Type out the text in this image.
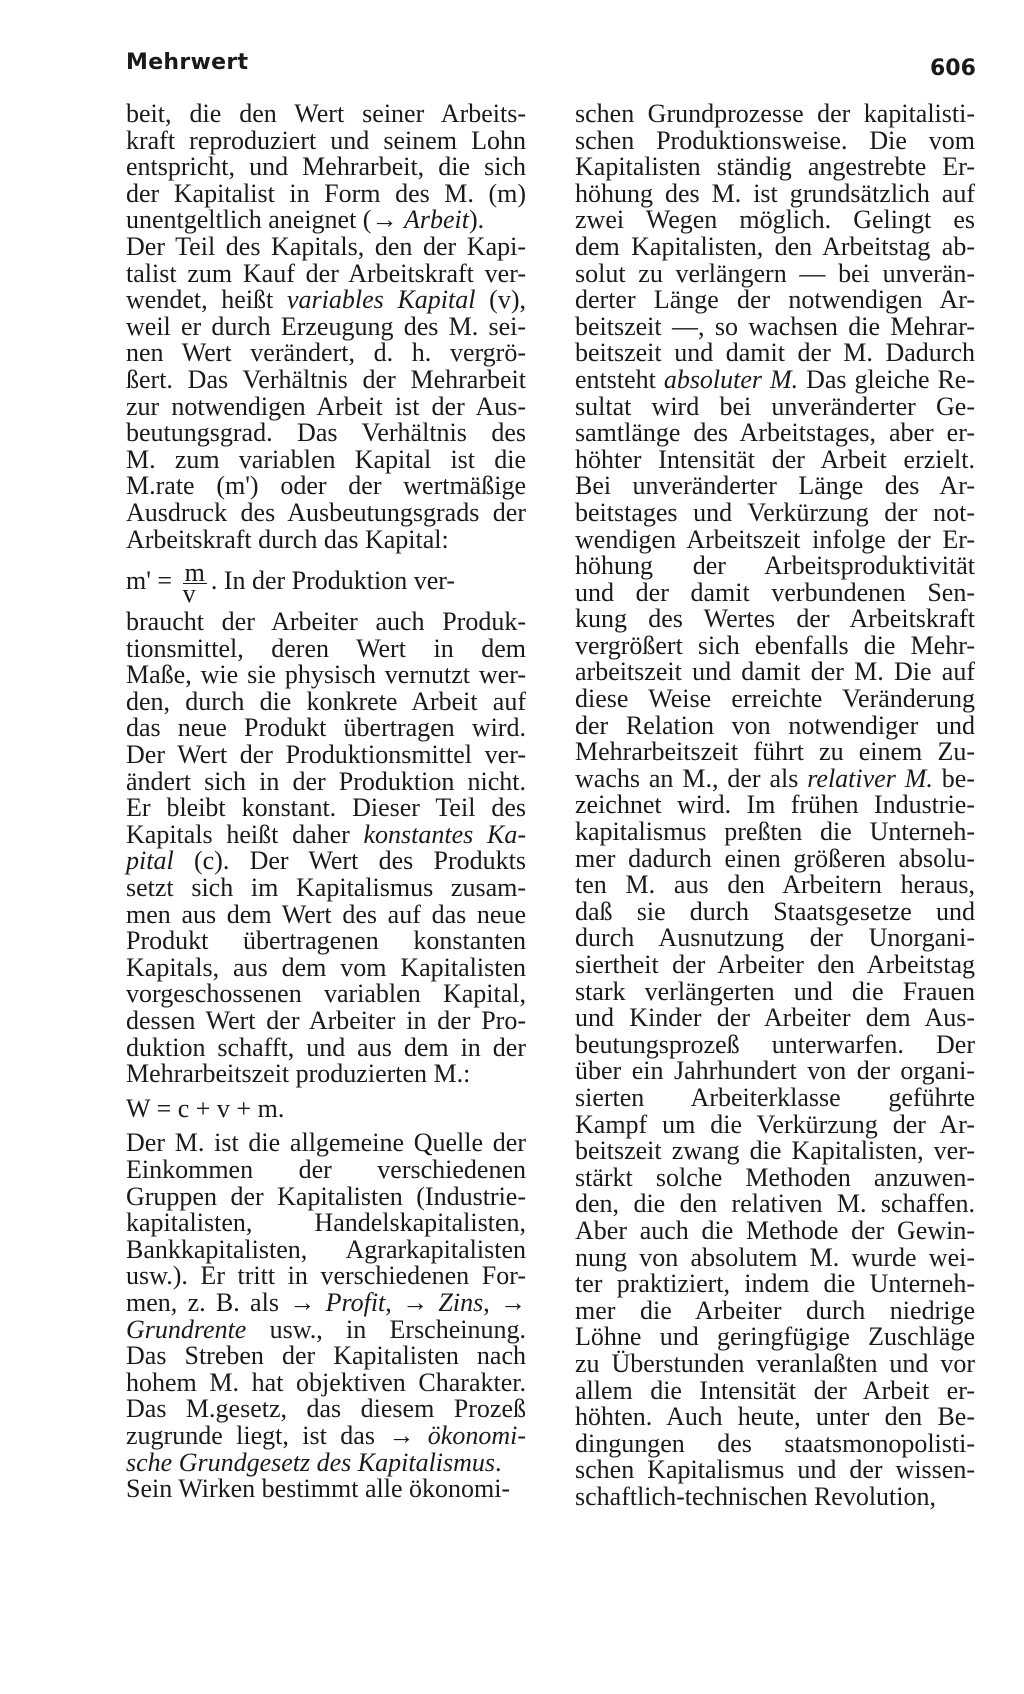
Mehrwert	606
beit, die den Wert seiner Arbeits-
kraft reproduziert und seinem Lohn
entspricht, und Mehrarbeit, die sich
der Kapitalist in Form des M. (m)
unentgeltlich aneignet (→ Arbeit).
Der Teil des Kapitals, den der Kapi-
talist zum Kauf der Arbeitskraft ver-
wendet, heißt variables Kapital (v),
weil er durch Erzeugung des M. sei-
nen Wert verändert, d. h. vergrö-
ßert. Das Verhältnis der Mehrarbeit
zur notwendigen Arbeit ist der Aus-
beutungsgrad. Das Verhältnis des
M. zum variablen Kapital ist die
M.rate (m') oder der wertmäßige
Ausdruck des Ausbeutungsgrads der
Arbeitskraft durch das Kapital:
$m' = \frac{m}{v}$ . In der Produktion ver-
braucht der Arbeiter auch Produk-
tionsmittel, deren Wert in dem
Maße, wie sie physisch vernutzt wer-
den, durch die konkrete Arbeit auf
das neue Produkt übertragen wird.
Der Wert der Produktionsmittel ver-
ändert sich in der Produktion nicht.
Er bleibt konstant. Dieser Teil des
Kapitals heißt daher konstantes Ka-
pital (c). Der Wert des Produkts
setzt sich im Kapitalismus zusam-
men aus dem Wert des auf das neue
Produkt übertragenen konstanten
Kapitals, aus dem vom Kapitalisten
vorgeschossenen variablen Kapital,
dessen Wert der Arbeiter in der Pro-
duktion schafft, und aus dem in der
Mehrarbeitszeit produzierten M.:
W = c + v + m.
Der M. ist die allgemeine Quelle der
Einkommen der verschiedenen
Gruppen der Kapitalisten (Industrie-
kapitalisten, Handelskapitalisten,
Bankkapitalisten, Agrarkapitalisten
usw.). Er tritt in verschiedenen For-
men, z. B. als → Profit, → Zins, →
Grundrente usw., in Erscheinung.
Das Streben der Kapitalisten nach
hohem M. hat objektiven Charakter.
Das M.gesetz, das diesem Prozeß
zugrunde liegt, ist das → ökonomi-
sche Grundgesetz des Kapitalismus.
Sein Wirken bestimmt alle ökonomi-
schen Grundprozesse der kapitalisti-
schen Produktionsweise. Die vom
Kapitalisten ständig angestrebte Er-
höhung des M. ist grundsätzlich auf
zwei Wegen möglich. Gelingt es
dem Kapitalisten, den Arbeitstag ab-
solut zu verlängern — bei unverän-
derter Länge der notwendigen Ar-
beitszeit —, so wachsen die Mehrar-
beitszeit und damit der M. Dadurch
entsteht absoluter M. Das gleiche Re-
sultat wird bei unveränderter Ge-
samtlänge des Arbeitstages, aber er-
höhter Intensität der Arbeit erzielt.
Bei unveränderter Länge des Ar-
beitstages und Verkürzung der not-
wendigen Arbeitszeit infolge der Er-
höhung der Arbeitsproduktivität
und der damit verbundenen Sen-
kung des Wertes der Arbeitskraft
vergrößert sich ebenfalls die Mehr-
arbeitszeit und damit der M. Die auf
diese Weise erreichte Veränderung
der Relation von notwendiger und
Mehrarbeitszeit führt zu einem Zu-
wachs an M., der als relativer M. be-
zeichnet wird. Im frühen Industrie-
kapitalismus preßten die Unterneh-
mer dadurch einen größeren absolu-
ten M. aus den Arbeitern heraus,
daß sie durch Staatsgesetze und
durch Ausnutzung der Unorgani-
siertheit der Arbeiter den Arbeitstag
stark verlängerten und die Frauen
und Kinder der Arbeiter dem Aus-
beutungsprozeß unterwarfen. Der
über ein Jahrhundert von der organi-
sierten Arbeiterklasse geführte
Kampf um die Verkürzung der Ar-
beitszeit zwang die Kapitalisten, ver-
stärkt solche Methoden anzuwen-
den, die den relativen M. schaffen.
Aber auch die Methode der Gewin-
nung von absolutem M. wurde wei-
ter praktiziert, indem die Unterneh-
mer die Arbeiter durch niedrige
Löhne und geringfügige Zuschläge
zu Überstunden veranlaßten und vor
allem die Intensität der Arbeit er-
höhten. Auch heute, unter den Be-
dingungen des staatsmonopolisti-
schen Kapitalismus und der wissen-
schaftlich-technischen Revolution,
